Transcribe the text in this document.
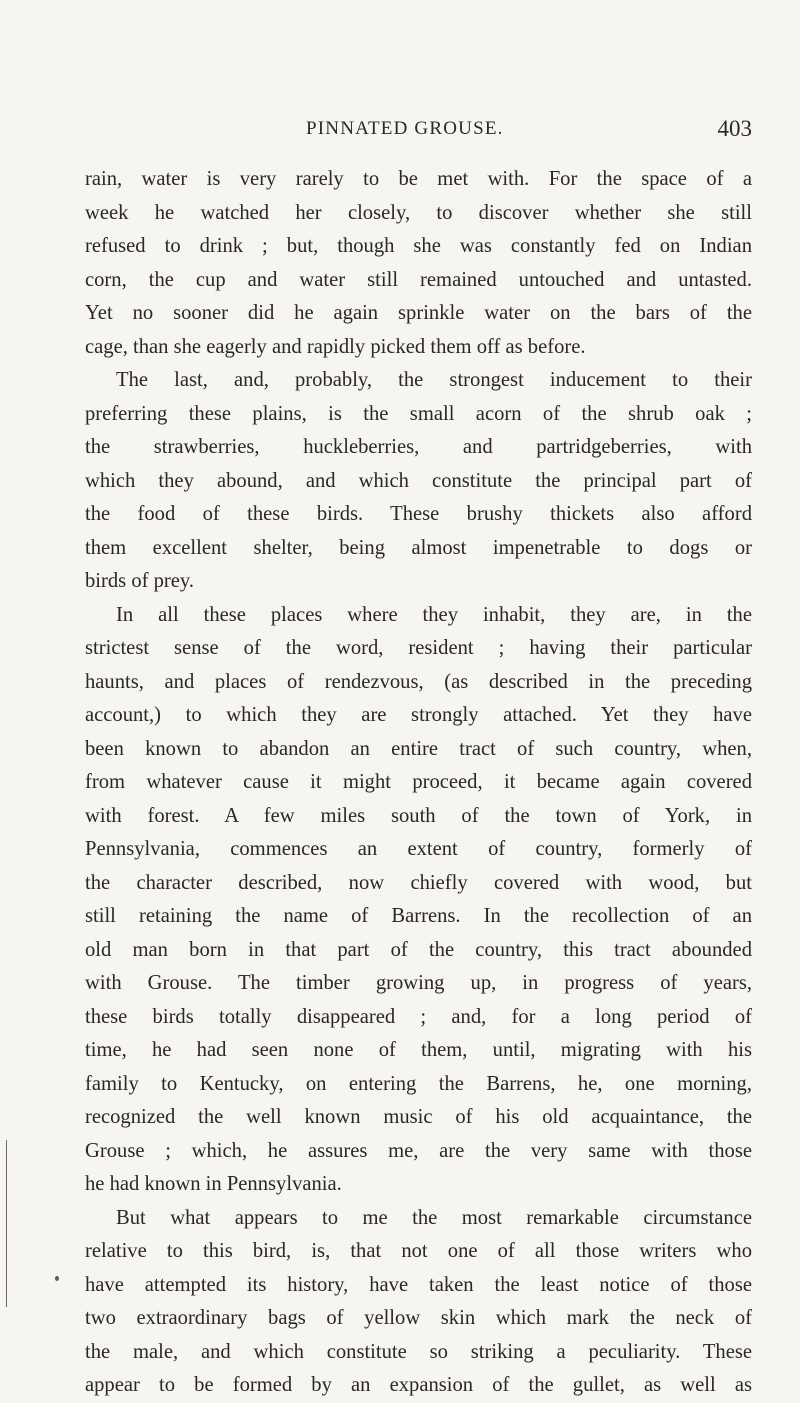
PINNATED GROUSE.	403
rain, water is very rarely to be met with. For the space of a
week he watched her closely, to discover whether she still
refused to drink ; but, though she was constantly fed on Indian
corn, the cup and water still remained untouched and untasted.
Yet no sooner did he again sprinkle water on the bars of the
cage, than she eagerly and rapidly picked them off as before.
The last, and, probably, the strongest inducement to their
preferring these plains, is the small acorn of the shrub oak ;
the strawberries, huckleberries, and partridgeberries, with
which they abound, and which constitute the principal part of
the food of these birds. These brushy thickets also afford
them excellent shelter, being almost impenetrable to dogs or
birds of prey.
In all these places where they inhabit, they are, in the
strictest sense of the word, resident ; having their particular
haunts, and places of rendezvous, (as described in the preceding
account,) to which they are strongly attached. Yet they have
been known to abandon an entire tract of such country, when,
from whatever cause it might proceed, it became again covered
with forest. A few miles south of the town of York, in
Pennsylvania, commences an extent of country, formerly of
the character described, now chiefly covered with wood, but
still retaining the name of Barrens. In the recollection of an
old man born in that part of the country, this tract abounded
with Grouse. The timber growing up, in progress of years,
these birds totally disappeared ; and, for a long period of
time, he had seen none of them, until, migrating with his
family to Kentucky, on entering the Barrens, he, one morning,
recognized the well known music of his old acquaintance, the
Grouse ; which, he assures me, are the very same with those
he had known in Pennsylvania.
But what appears to me the most remarkable circumstance
relative to this bird, is, that not one of all those writers who
have attempted its history, have taken the least notice of those
two extraordinary bags of yellow skin which mark the neck of
the male, and which constitute so striking a peculiarity. These
appear to be formed by an expansion of the gullet, as well as
